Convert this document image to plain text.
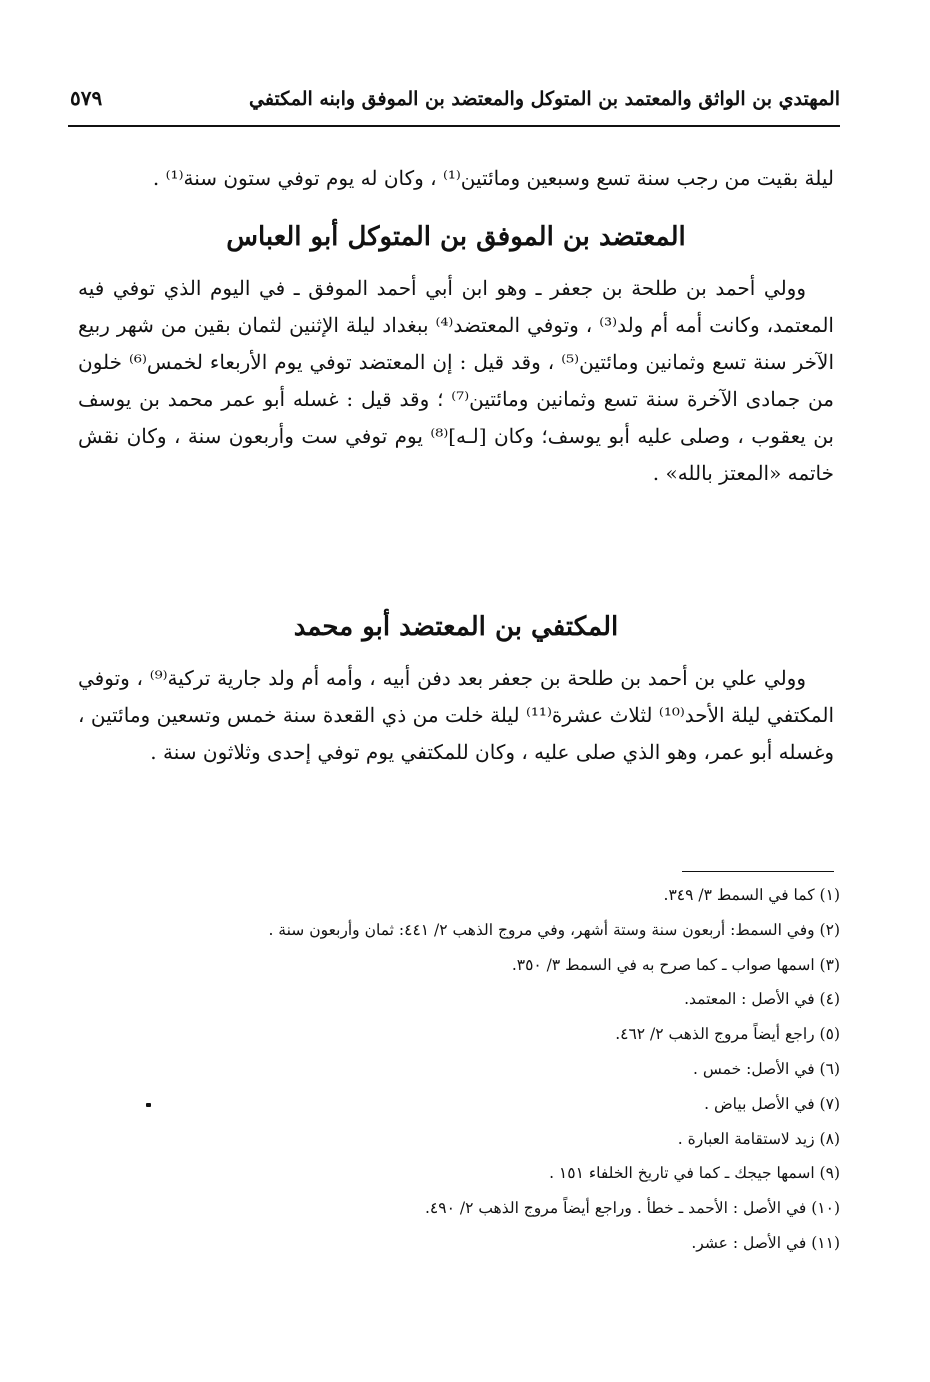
المهتدي بن الواثق والمعتمد بن المتوكل والمعتضد بن الموفق وابنه المكتفي
٥٧٩

ليلة بقيت من رجب سنة تسع وسبعين ومائتين⁽¹⁾ ، وكان له يوم توفي ستون سنة⁽¹⁾ .

المعتضد بن الموفق بن المتوكل أبو العباس

وولي أحمد بن طلحة بن جعفر ـ وهو ابن أبي أحمد الموفق ـ في اليوم الذي توفي فيه المعتمد، وكانت أمه أم ولد⁽³⁾ ، وتوفي المعتضد⁽⁴⁾ ببغداد ليلة الإثنين لثمان بقين من شهر ربيع الآخر سنة تسع وثمانين ومائتين⁽⁵⁾ ، وقد قيل : إن المعتضد توفي يوم الأربعاء لخمس⁽⁶⁾ خلون من جمادى الآخرة سنة تسع وثمانين ومائتين⁽⁷⁾ ؛ وقد قيل : غسله أبو عمر محمد بن يوسف بن يعقوب ، وصلى عليه أبو يوسف؛ وكان [لـه]⁽⁸⁾ يوم توفي ست وأربعون سنة ، وكان نقش خاتمه «المعتز بالله» .

المكتفي بن المعتضد أبو محمد

وولي علي بن أحمد بن طلحة بن جعفر بعد دفن أبيه ، وأمه أم ولد جارية تركية⁽⁹⁾ ، وتوفي المكتفي ليلة الأحد⁽¹⁰⁾ لثلاث عشرة⁽¹¹⁾ ليلة خلت من ذي القعدة سنة خمس وتسعين ومائتين ، وغسله أبو عمر، وهو الذي صلى عليه ، وكان للمكتفي يوم توفي إحدى وثلاثون سنة .

(١) كما في السمط ٣/ ٣٤٩.
(٢) وفي السمط: أربعون سنة وستة أشهر، وفي مروج الذهب ٢/ ٤٤١: ثمان وأربعون سنة .
(٣) اسمها صواب ـ كما صرح به في السمط ٣/ ٣٥٠.
(٤) في الأصل : المعتمد.
(٥) راجع أيضاً مروج الذهب ٢/ ٤٦٢.
(٦) في الأصل: خمس .
(٧) في الأصل بياض .
(٨) زيد لاستقامة العبارة .
(٩) اسمها جيجك ـ كما في تاريخ الخلفاء ١٥١ .
(١٠) في الأصل : الأحمد ـ خطأ . وراجع أيضاً مروج الذهب ٢/ ٤٩٠.
(١١) في الأصل : عشر.
